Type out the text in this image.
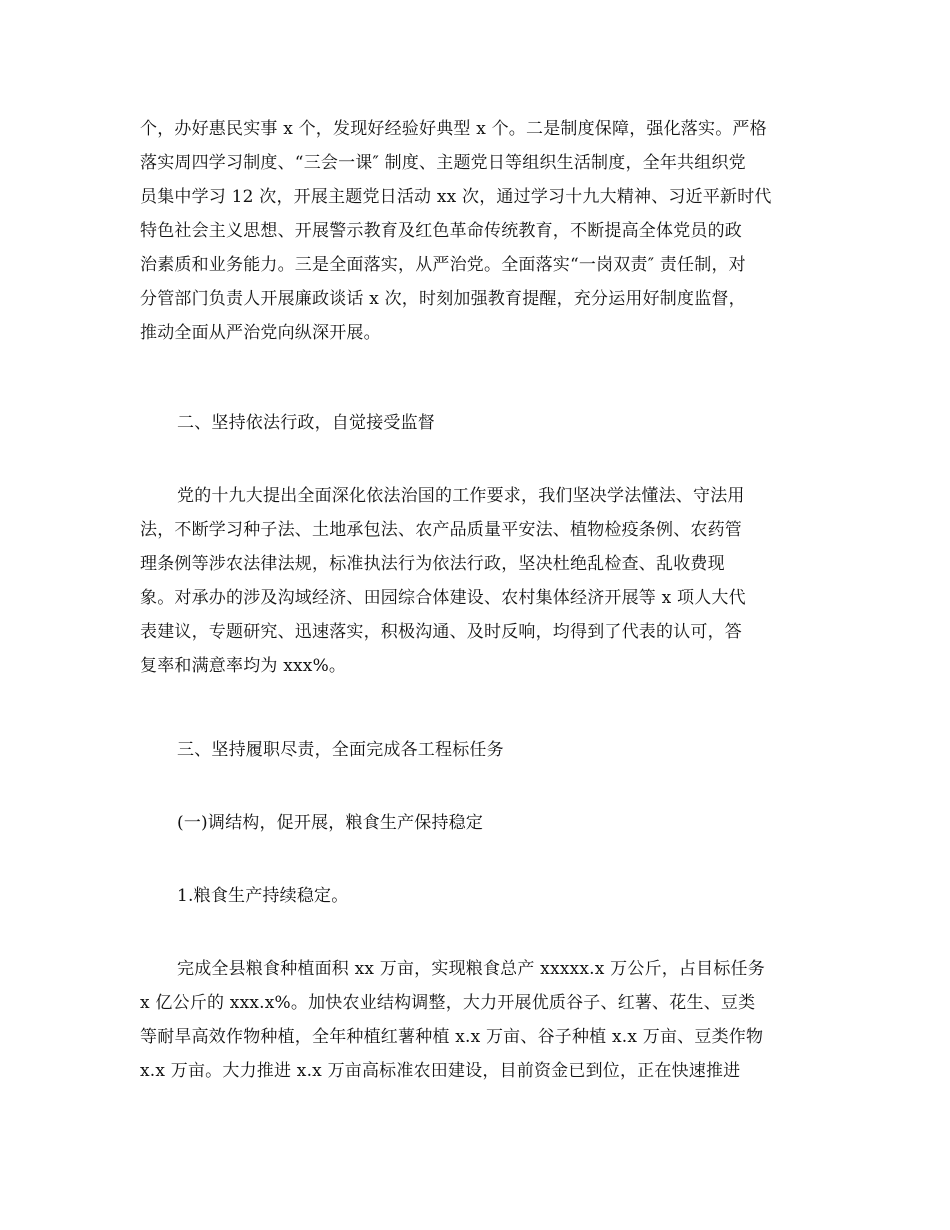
个，办好惠民实事 x 个，发现好经验好典型 x 个。二是制度保障，强化落实。严格
落实周四学习制度、“三会一课″ 制度、主题党日等组织生活制度，全年共组织党
员集中学习 12 次，开展主题党日活动 xx 次，通过学习十九大精神、习近平新时代
特色社会主义思想、开展警示教育及红色革命传统教育，不断提高全体党员的政
治素质和业务能力。三是全面落实，从严治党。全面落实“一岗双责″ 责任制，对
分管部门负责人开展廉政谈话 x 次，时刻加强教育提醒，充分运用好制度监督，
推动全面从严治党向纵深开展。
二、坚持依法行政，自觉接受监督
党的十九大提出全面深化依法治国的工作要求，我们坚决学法懂法、守法用
法，不断学习种子法、土地承包法、农产品质量平安法、植物检疫条例、农药管
理条例等涉农法律法规，标准执法行为依法行政，坚决杜绝乱检查、乱收费现
象。对承办的涉及沟域经济、田园综合体建设、农村集体经济开展等 x 项人大代
表建议，专题研究、迅速落实，积极沟通、及时反响，均得到了代表的认可，答
复率和满意率均为 xxx%。
三、坚持履职尽责，全面完成各工程标任务
(一)调结构，促开展，粮食生产保持稳定
1.粮食生产持续稳定。
完成全县粮食种植面积 xx 万亩，实现粮食总产 xxxxx.x 万公斤，占目标任务
x 亿公斤的 xxx.x%。加快农业结构调整，大力开展优质谷子、红薯、花生、豆类
等耐旱高效作物种植，全年种植红薯种植 x.x 万亩、谷子种植 x.x 万亩、豆类作物
x.x 万亩。大力推进 x.x 万亩高标准农田建设，目前资金已到位，正在快速推进
